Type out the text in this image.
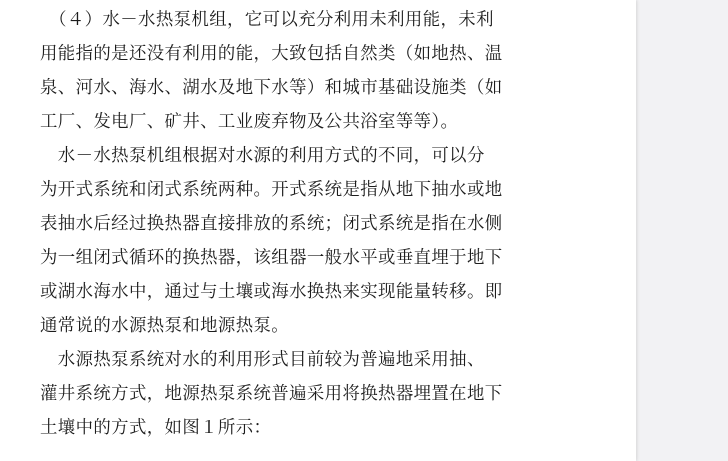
　（４）水－水热泵机组，它可以充分利用未利用能，未利
用能指的是还没有利用的能，大致包括自然类（如地热、温
泉、河水、海水、湖水及地下水等）和城市基础设施类（如
工厂、发电厂、矿井、工业废弃物及公共浴室等等）。

　水－水热泵机组根据对水源的利用方式的不同，可以分
为开式系统和闭式系统两种。开式系统是指从地下抽水或地
表抽水后经过换热器直接排放的系统；闭式系统是指在水侧
为一组闭式循环的换热器，该组器一般水平或垂直埋于地下
或湖水海水中，通过与土壤或海水换热来实现能量转移。即
通常说的水源热泵和地源热泵。

　水源热泵系统对水的利用形式目前较为普遍地采用抽、
灌井系统方式，地源热泵系统普遍采用将换热器埋置在地下
土壤中的方式，如图１所示：
